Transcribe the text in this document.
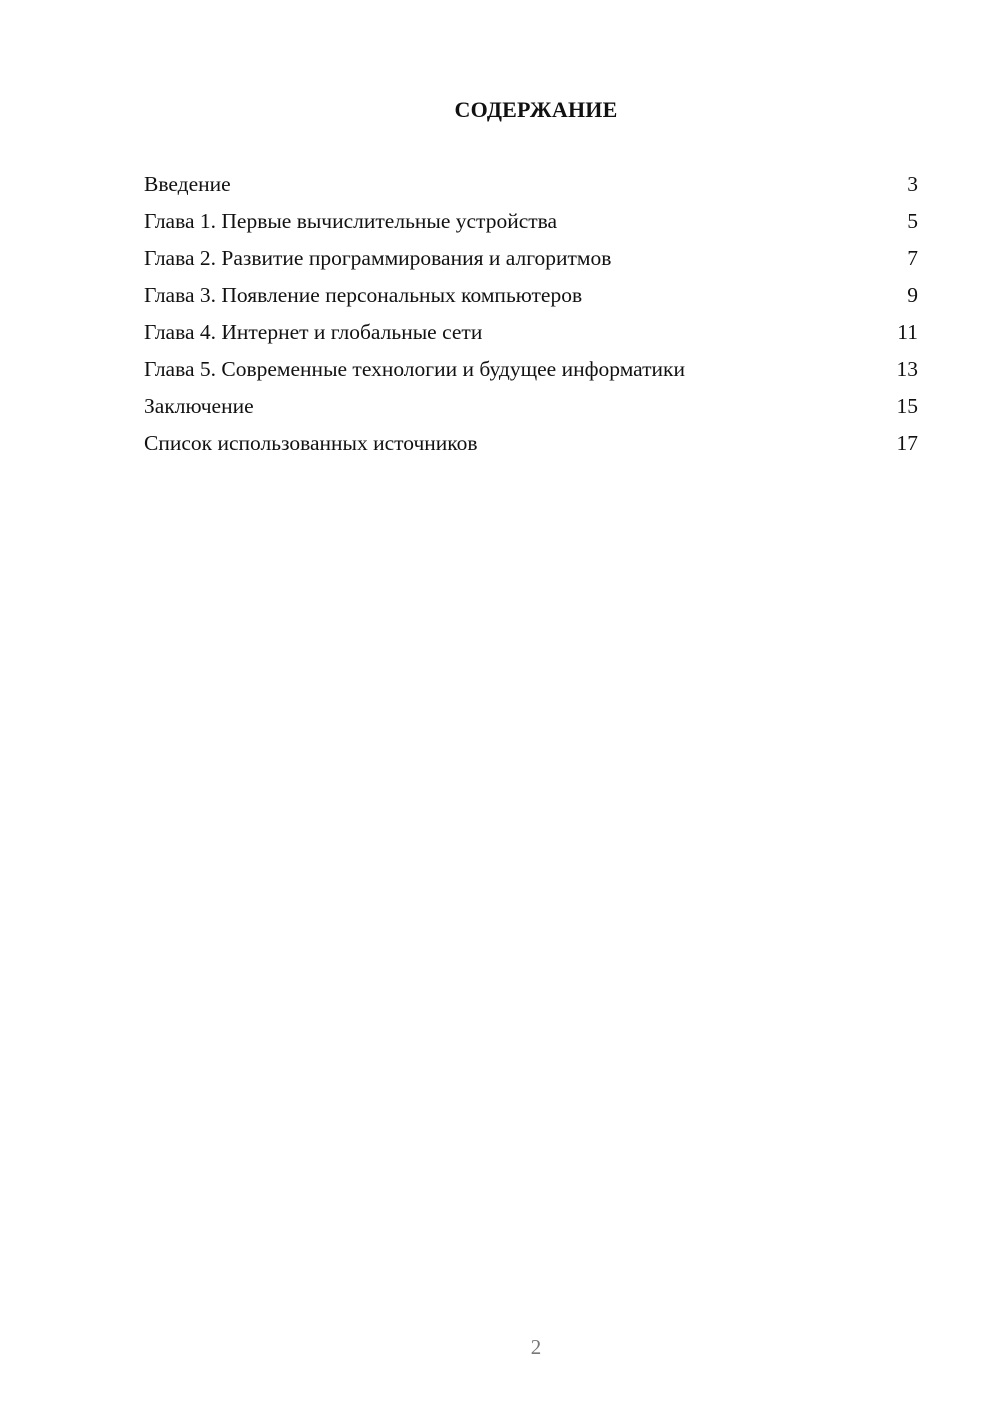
СОДЕРЖАНИЕ
Введение	3
Глава 1. Первые вычислительные устройства	5
Глава 2. Развитие программирования и алгоритмов	7
Глава 3. Появление персональных компьютеров	9
Глава 4. Интернет и глобальные сети	11
Глава 5. Современные технологии и будущее информатики	13
Заключение	15
Список использованных источников	17
2
